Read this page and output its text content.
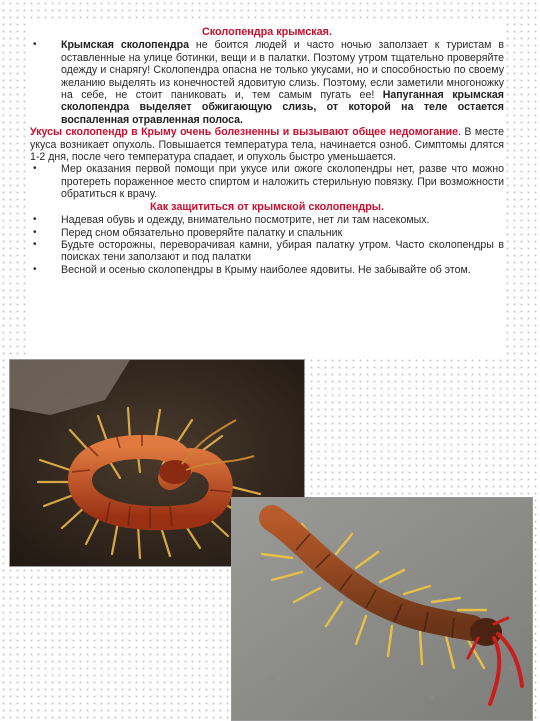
Сколопендра крымская.
• Крымская сколопендра не боится людей и часто ночью заползает к туристам в оставленные на улице ботинки, вещи и в палатки. Поэтому утром тщательно проверяйте одежду и снарягу! Сколопендра опасна не только укусами, но и способностью по своему желанию выделять из конечностей ядовитую слизь. Поэтому, если заметили многоножку на себе, не стоит паниковать и, тем самым пугать ее! Напуганная крымская сколопендра выделяет обжигающую слизь, от которой на теле остается воспаленная отравленная полоса.

Укусы сколопендр в Крыму очень болезненны и вызывают общее недомогание. В месте укуса возникает опухоль. Повышается температура тела, начинается озноб. Симптомы длятся 1-2 дня, после чего температура спадает, и опухоль быстро уменьшается.

• Мер оказания первой помощи при укусе или ожоге сколопендры нет, разве что можно протереть пораженное место спиртом и наложить стерильную повязку. При возможности обратиться к врачу.
Как защититься от крымской сколопендры.
• Надевая обувь и одежду, внимательно посмотрите, нет ли там насекомых.
• Перед сном обязательно проверяйте палатку и спальник
• Будьте осторожны, переворачивая камни, убирая палатку утром. Часто сколопендры в поисках тени заползают и под палатки
• Весной и осенью сколопендры в Крыму наиболее ядовиты. Не забывайте об этом.
